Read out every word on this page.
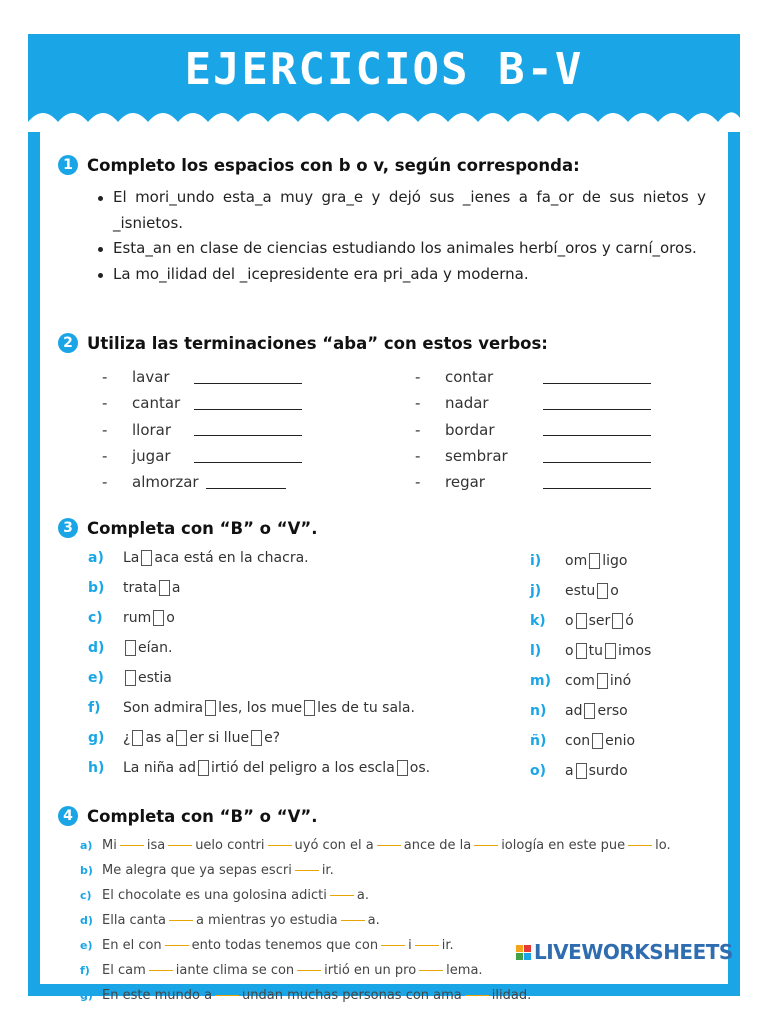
EJERCICIOS B-V
1 Completo los espacios con b o v, según corresponda:
El mori_undo esta_a muy gra_e y dejó sus _ienes a fa_or de sus nietos y _isnietos.
Esta_an en clase de ciencias estudiando los animales herbí_oros y carní_oros.
La mo_ilidad del _icepresidente era pri_ada y moderna.
2 Utiliza las terminaciones “aba” con estos verbos:
-	lavar
-	cantar
-	llorar
-	jugar
-	almorzar
-	contar
-	nadar
-	bordar
-	sembrar
-	regar
3 Completa con “B” o “V”.
a)	La aca está en la chacra.
b)	trata a
c)	rum o
d)	eían.
e)	estia
f)	Son admira les, los mue les de tu sala.
g)	¿ as a er si llue e?
h)	La niña ad irtió del peligro a los escla os.
i)	om ligo
j)	estu o
k)	o ser ó
l)	o tu imos
m)	com inó
n)	ad erso
ñ)	con enio
o)	a surdo
4 Completa con “B” o “V”.
a) Mi isa uelo contri uyó con el a ance de la iología en este pue lo.
b) Me alegra que ya sepas escri ir.
c) El chocolate es una golosina adicti a.
d) Ella canta a mientras yo estudia a.
e) En el con ento todas tenemos que con i ir.
f) El cam iante clima se con irtió en un pro lema.
g) En este mundo a undan muchas personas con ama ilidad.
LIVEWORKSHEETS
